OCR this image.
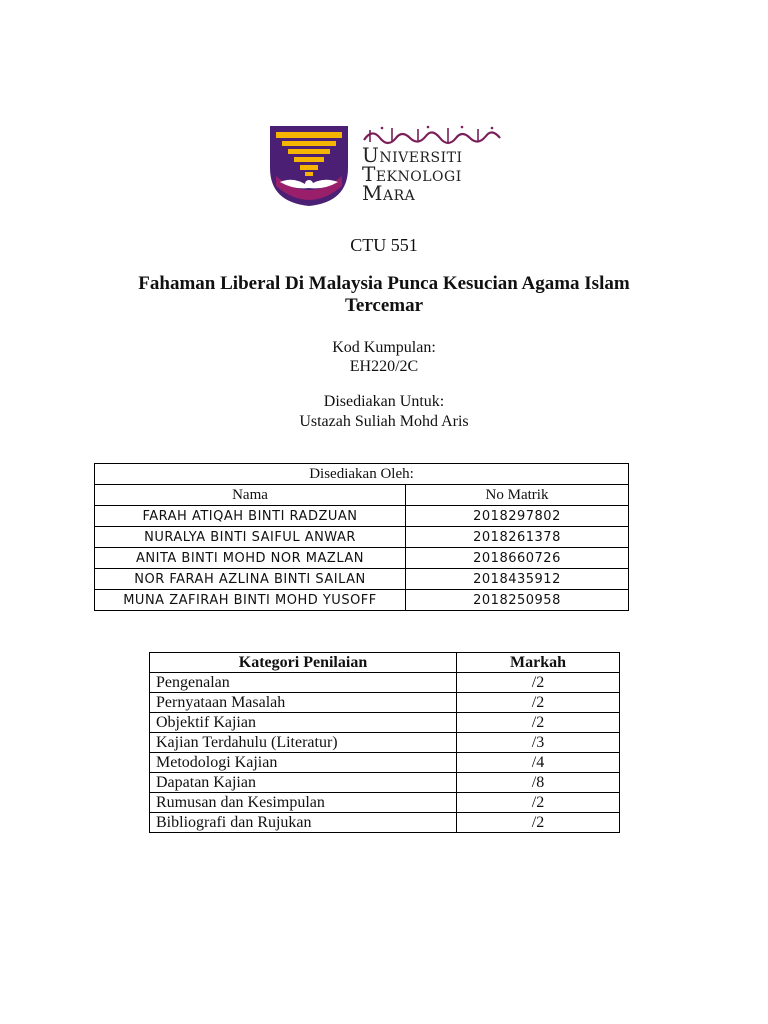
Universiti
Teknologi
Mara
CTU 551
Fahaman Liberal Di Malaysia Punca Kesucian Agama Islam
Tercemar
Kod Kumpulan:
EH220/2C
Disediakan Untuk:
Ustazah Suliah Mohd Aris
Disediakan Oleh:	
Nama	No Matrik
FARAH ATIQAH BINTI RADZUAN	2018297802
NURALYA BINTI SAIFUL ANWAR	2018261378
ANITA BINTI MOHD NOR MAZLAN	2018660726
NOR FARAH AZLINA BINTI SAILAN	2018435912
MUNA ZAFIRAH BINTI MOHD YUSOFF	2018250958
Kategori Penilaian	Markah
Pengenalan	/2
Pernyataan Masalah	/2
Objektif Kajian	/2
Kajian Terdahulu (Literatur)	/3
Metodologi Kajian	/4
Dapatan Kajian	/8
Rumusan dan Kesimpulan	/2
Bibliografi dan Rujukan	/2
